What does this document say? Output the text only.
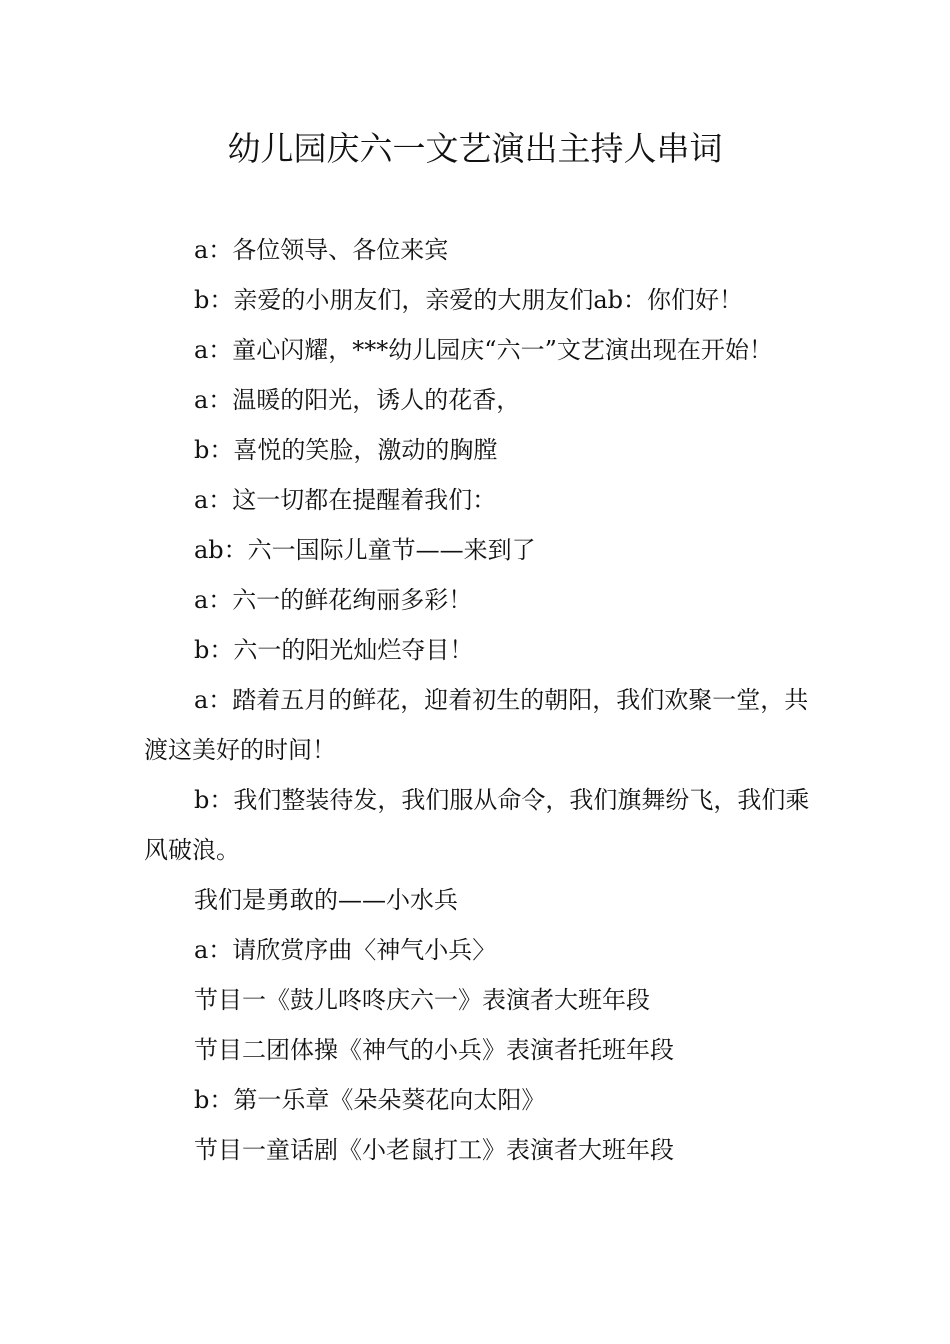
幼儿园庆六一文艺演出主持人串词

a：各位领导、各位来宾

b：亲爱的小朋友们，亲爱的大朋友们ab：你们好！

a：童心闪耀，***幼儿园庆“六一”文艺演出现在开始！

a：温暖的阳光，诱人的花香，

b：喜悦的笑脸，激动的胸膛

a：这一切都在提醒着我们：

ab：六一国际儿童节——来到了

a：六一的鲜花绚丽多彩！

b：六一的阳光灿烂夺目！

a：踏着五月的鲜花，迎着初生的朝阳，我们欢聚一堂，共渡这美好的时间！

b：我们整装待发，我们服从命令，我们旗舞纷飞，我们乘风破浪。

我们是勇敢的——小水兵

a：请欣赏序曲〈神气小兵〉

节目一《鼓儿咚咚庆六一》表演者大班年段

节目二团体操《神气的小兵》表演者托班年段

b：第一乐章《朵朵葵花向太阳》

节目一童话剧《小老鼠打工》表演者大班年段
